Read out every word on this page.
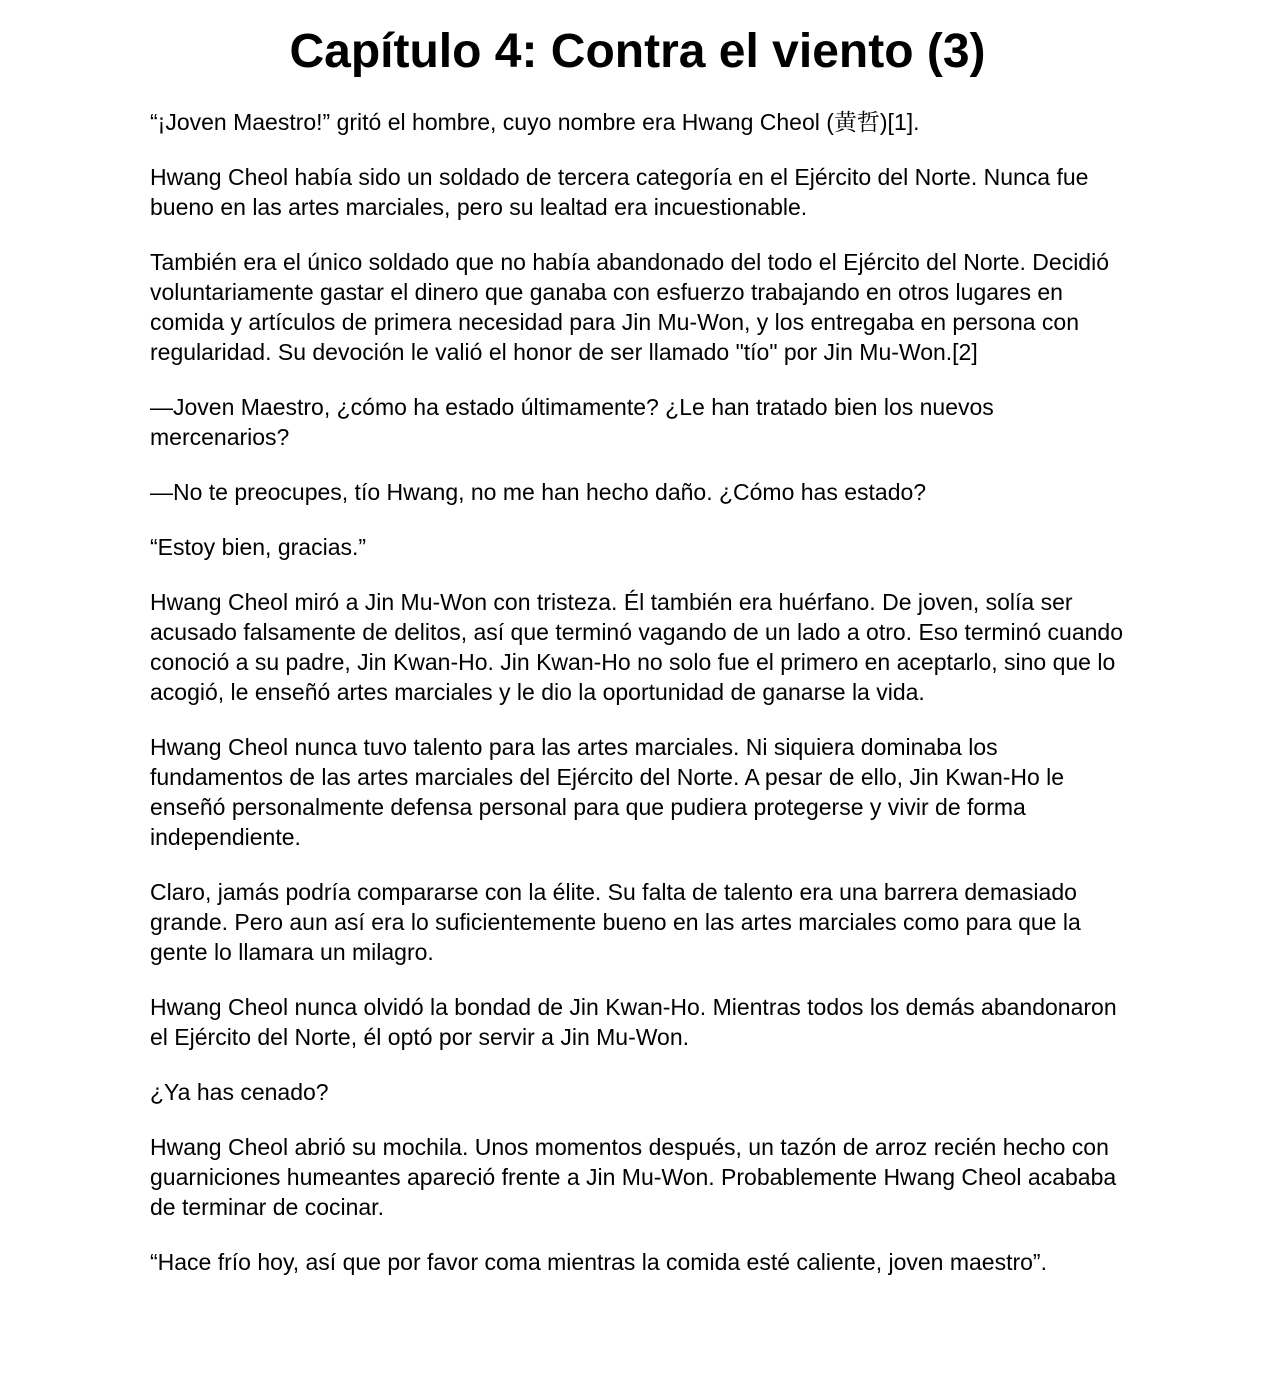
Capítulo 4: Contra el viento (3)

“¡Joven Maestro!” gritó el hombre, cuyo nombre era Hwang Cheol (黄哲)[1].

Hwang Cheol había sido un soldado de tercera categoría en el Ejército del Norte. Nunca fue bueno en las artes marciales, pero su lealtad era incuestionable.

También era el único soldado que no había abandonado del todo el Ejército del Norte. Decidió voluntariamente gastar el dinero que ganaba con esfuerzo trabajando en otros lugares en comida y artículos de primera necesidad para Jin Mu-Won, y los entregaba en persona con regularidad. Su devoción le valió el honor de ser llamado "tío" por Jin Mu-Won.[2]

—Joven Maestro, ¿cómo ha estado últimamente? ¿Le han tratado bien los nuevos mercenarios?

—No te preocupes, tío Hwang, no me han hecho daño. ¿Cómo has estado?

“Estoy bien, gracias.”

Hwang Cheol miró a Jin Mu-Won con tristeza. Él también era huérfano. De joven, solía ser acusado falsamente de delitos, así que terminó vagando de un lado a otro. Eso terminó cuando conoció a su padre, Jin Kwan-Ho. Jin Kwan-Ho no solo fue el primero en aceptarlo, sino que lo acogió, le enseñó artes marciales y le dio la oportunidad de ganarse la vida.

Hwang Cheol nunca tuvo talento para las artes marciales. Ni siquiera dominaba los fundamentos de las artes marciales del Ejército del Norte. A pesar de ello, Jin Kwan-Ho le enseñó personalmente defensa personal para que pudiera protegerse y vivir de forma independiente.

Claro, jamás podría compararse con la élite. Su falta de talento era una barrera demasiado grande. Pero aun así era lo suficientemente bueno en las artes marciales como para que la gente lo llamara un milagro.

Hwang Cheol nunca olvidó la bondad de Jin Kwan-Ho. Mientras todos los demás abandonaron el Ejército del Norte, él optó por servir a Jin Mu-Won.

¿Ya has cenado?

Hwang Cheol abrió su mochila. Unos momentos después, un tazón de arroz recién hecho con guarniciones humeantes apareció frente a Jin Mu-Won. Probablemente Hwang Cheol acababa de terminar de cocinar.

“Hace frío hoy, así que por favor coma mientras la comida esté caliente, joven maestro”.
